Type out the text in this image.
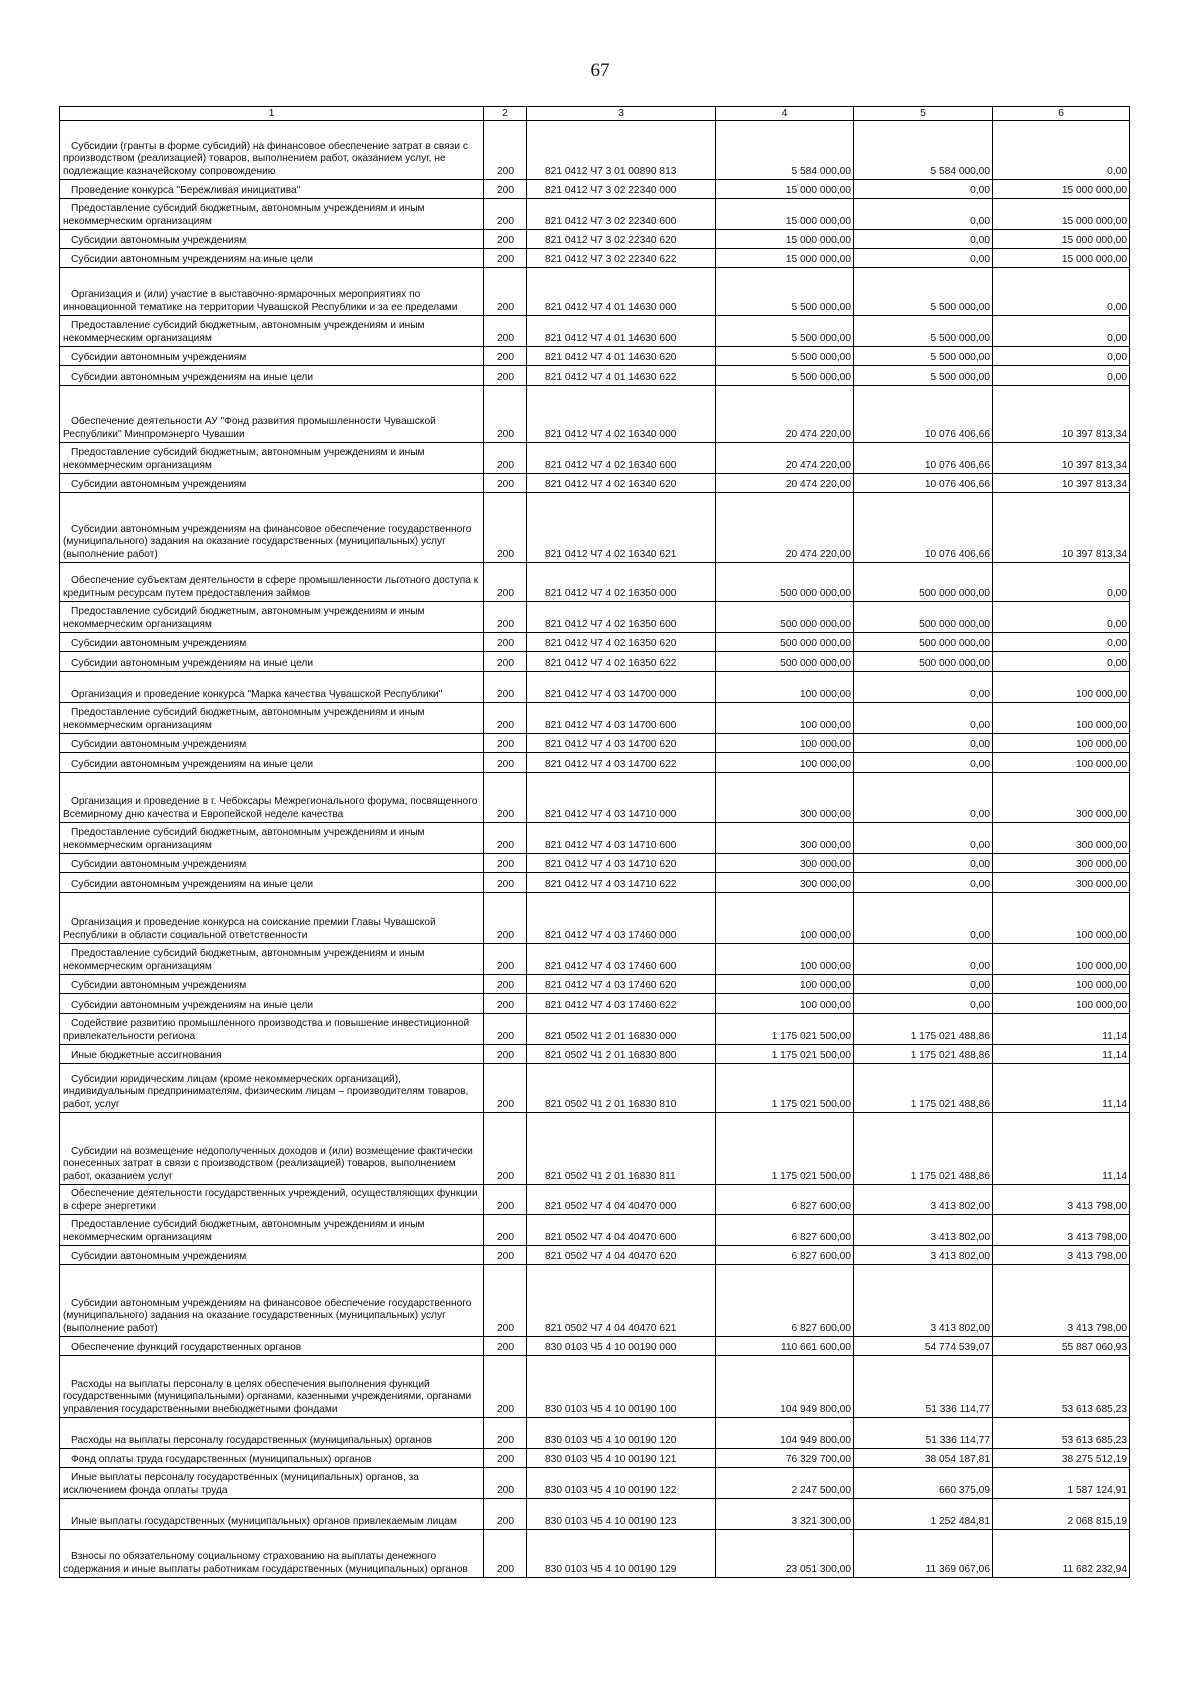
67
1	2	3	4	5	6
Субсидии (гранты в форме субсидий) на финансовое обеспечение затрат в связи с производством (реализацией) товаров, выполнением работ, оказанием услуг, не подлежащие казначейскому сопровождению	200	821 0412 Ч7 3 01 00890 813	5 584 000,00	5 584 000,00	0,00
Проведение конкурса "Бережливая инициатива"	200	821 0412 Ч7 3 02 22340 000	15 000 000,00	0,00	15 000 000,00
Предоставление субсидий бюджетным, автономным учреждениям и иным некоммерческим организациям	200	821 0412 Ч7 3 02 22340 600	15 000 000,00	0,00	15 000 000,00
Субсидии автономным учреждениям	200	821 0412 Ч7 3 02 22340 620	15 000 000,00	0,00	15 000 000,00
Субсидии автономным учреждениям на иные цели	200	821 0412 Ч7 3 02 22340 622	15 000 000,00	0,00	15 000 000,00
Организация и (или) участие в выставочно-ярмарочных мероприятиях по инновационной тематике на территории Чувашской Республики и за ее пределами	200	821 0412 Ч7 4 01 14630 000	5 500 000,00	5 500 000,00	0,00
Предоставление субсидий бюджетным, автономным учреждениям и иным некоммерческим организациям	200	821 0412 Ч7 4 01 14630 600	5 500 000,00	5 500 000,00	0,00
Субсидии автономным учреждениям	200	821 0412 Ч7 4 01 14630 620	5 500 000,00	5 500 000,00	0,00
Субсидии автономным учреждениям на иные цели	200	821 0412 Ч7 4 01 14630 622	5 500 000,00	5 500 000,00	0,00
Обеспечение деятельности АУ "Фонд развития промышленности Чувашской Республики" Минпромэнерго Чувашии	200	821 0412 Ч7 4 02 16340 000	20 474 220,00	10 076 406,66	10 397 813,34
Предоставление субсидий бюджетным, автономным учреждениям и иным некоммерческим организациям	200	821 0412 Ч7 4 02 16340 600	20 474 220,00	10 076 406,66	10 397 813,34
Субсидии автономным учреждениям	200	821 0412 Ч7 4 02 16340 620	20 474 220,00	10 076 406,66	10 397 813,34
Субсидии автономным учреждениям на финансовое обеспечение государственного (муниципального) задания на оказание государственных (муниципальных) услуг (выполнение работ)	200	821 0412 Ч7 4 02 16340 621	20 474 220,00	10 076 406,66	10 397 813,34
Обеспечение субъектам деятельности в сфере промышленности льготного доступа к кредитным ресурсам путем предоставления займов	200	821 0412 Ч7 4 02 16350 000	500 000 000,00	500 000 000,00	0,00
Предоставление субсидий бюджетным, автономным учреждениям и иным некоммерческим организациям	200	821 0412 Ч7 4 02 16350 600	500 000 000,00	500 000 000,00	0,00
Субсидии автономным учреждениям	200	821 0412 Ч7 4 02 16350 620	500 000 000,00	500 000 000,00	0,00
Субсидии автономным учреждениям на иные цели	200	821 0412 Ч7 4 02 16350 622	500 000 000,00	500 000 000,00	0,00
Организация и проведение конкурса "Марка качества Чувашской Республики"	200	821 0412 Ч7 4 03 14700 000	100 000,00	0,00	100 000,00
Предоставление субсидий бюджетным, автономным учреждениям и иным некоммерческим организациям	200	821 0412 Ч7 4 03 14700 600	100 000,00	0,00	100 000,00
Субсидии автономным учреждениям	200	821 0412 Ч7 4 03 14700 620	100 000,00	0,00	100 000,00
Субсидии автономным учреждениям на иные цели	200	821 0412 Ч7 4 03 14700 622	100 000,00	0,00	100 000,00
Организация и проведение в г. Чебоксары Межрегионального форума, посвященного Всемирному дню качества и Европейской неделе качества	200	821 0412 Ч7 4 03 14710 000	300 000,00	0,00	300 000,00
Предоставление субсидий бюджетным, автономным учреждениям и иным некоммерческим организациям	200	821 0412 Ч7 4 03 14710 600	300 000,00	0,00	300 000,00
Субсидии автономным учреждениям	200	821 0412 Ч7 4 03 14710 620	300 000,00	0,00	300 000,00
Субсидии автономным учреждениям на иные цели	200	821 0412 Ч7 4 03 14710 622	300 000,00	0,00	300 000,00
Организация и проведение конкурса на соискание премии Главы Чувашской Республики в области социальной ответственности	200	821 0412 Ч7 4 03 17460 000	100 000,00	0,00	100 000,00
Предоставление субсидий бюджетным, автономным учреждениям и иным некоммерческим организациям	200	821 0412 Ч7 4 03 17460 600	100 000,00	0,00	100 000,00
Субсидии автономным учреждениям	200	821 0412 Ч7 4 03 17460 620	100 000,00	0,00	100 000,00
Субсидии автономным учреждениям на иные цели	200	821 0412 Ч7 4 03 17460 622	100 000,00	0,00	100 000,00
Содействие развитию промышленного производства и повышение инвестиционной привлекательности региона	200	821 0502 Ч1 2 01 16830 000	1 175 021 500,00	1 175 021 488,86	11,14
Иные бюджетные ассигнования	200	821 0502 Ч1 2 01 16830 800	1 175 021 500,00	1 175 021 488,86	11,14
Субсидии юридическим лицам (кроме некоммерческих организаций), индивидуальным предпринимателям, физическим лицам – производителям товаров, работ, услуг	200	821 0502 Ч1 2 01 16830 810	1 175 021 500,00	1 175 021 488,86	11,14
Субсидии на возмещение недополученных доходов и (или) возмещение фактически понесенных затрат в связи с производством (реализацией) товаров, выполнением работ, оказанием услуг	200	821 0502 Ч1 2 01 16830 811	1 175 021 500,00	1 175 021 488,86	11,14
Обеспечение деятельности государственных учреждений, осуществляющих функции в сфере энергетики	200	821 0502 Ч7 4 04 40470 000	6 827 600,00	3 413 802,00	3 413 798,00
Предоставление субсидий бюджетным, автономным учреждениям и иным некоммерческим организациям	200	821 0502 Ч7 4 04 40470 600	6 827 600,00	3 413 802,00	3 413 798,00
Субсидии автономным учреждениям	200	821 0502 Ч7 4 04 40470 620	6 827 600,00	3 413 802,00	3 413 798,00
Субсидии автономным учреждениям на финансовое обеспечение государственного (муниципального) задания на оказание государственных (муниципальных) услуг (выполнение работ)	200	821 0502 Ч7 4 04 40470 621	6 827 600,00	3 413 802,00	3 413 798,00
Обеспечение функций государственных органов	200	830 0103 Ч5 4 10 00190 000	110 661 600,00	54 774 539,07	55 887 060,93
Расходы на выплаты персоналу в целях обеспечения выполнения функций государственными (муниципальными) органами, казенными учреждениями, органами управления государственными внебюджетными фондами	200	830 0103 Ч5 4 10 00190 100	104 949 800,00	51 336 114,77	53 613 685,23
Расходы на выплаты персоналу государственных (муниципальных) органов	200	830 0103 Ч5 4 10 00190 120	104 949 800,00	51 336 114,77	53 613 685,23
Фонд оплаты труда государственных (муниципальных) органов	200	830 0103 Ч5 4 10 00190 121	76 329 700,00	38 054 187,81	38 275 512,19
Иные выплаты персоналу государственных (муниципальных) органов, за исключением фонда оплаты труда	200	830 0103 Ч5 4 10 00190 122	2 247 500,00	660 375,09	1 587 124,91
Иные выплаты государственных (муниципальных) органов привлекаемым лицам	200	830 0103 Ч5 4 10 00190 123	3 321 300,00	1 252 484,81	2 068 815,19
Взносы по обязательному социальному страхованию на выплаты денежного содержания и иные выплаты работникам государственных (муниципальных) органов	200	830 0103 Ч5 4 10 00190 129	23 051 300,00	11 369 067,06	11 682 232,94
